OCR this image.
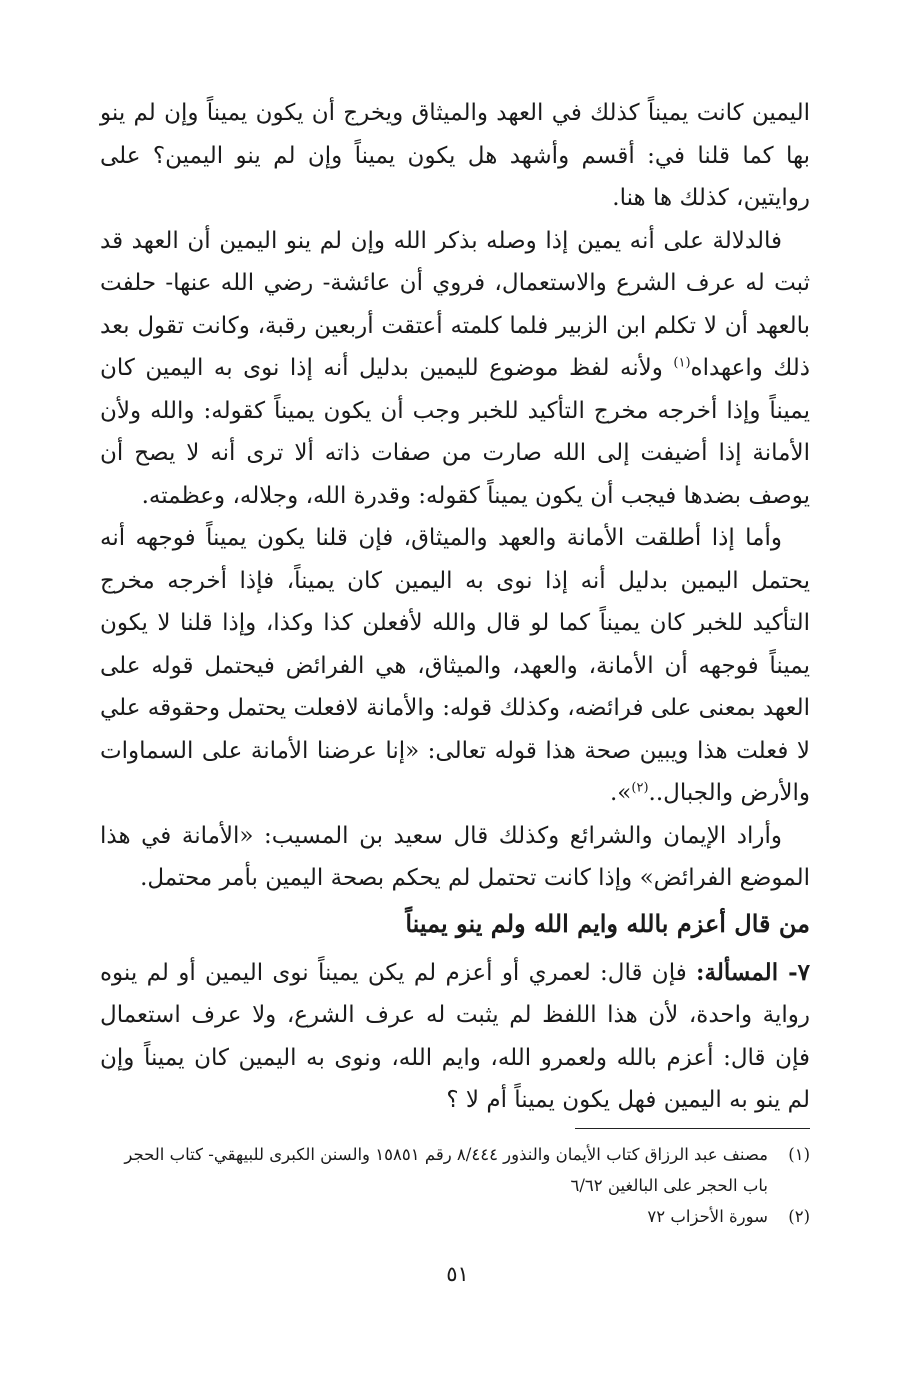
اليمين كانت يميناً كذلك في العهد والميثاق ويخرج أن يكون يميناً وإن لم ينو بها كما قلنا في: أقسم وأشهد هل يكون يميناً وإن لم ينو اليمين؟ على روايتين، كذلك ها هنا.

فالدلالة على أنه يمين إذا وصله بذكر الله وإن لم ينو اليمين أن العهد قد ثبت له عرف الشرع والاستعمال، فروي أن عائشة- رضي الله عنها- حلفت بالعهد أن لا تكلم ابن الزبير فلما كلمته أعتقت أربعين رقبة، وكانت تقول بعد ذلك واعهداه$^{(١)}$ ولأنه لفظ موضوع لليمين بدليل أنه إذا نوى به اليمين كان يميناً وإذا أخرجه مخرج التأكيد للخبر وجب أن يكون يميناً كقوله: والله ولأن الأمانة إذا أضيفت إلى الله صارت من صفات ذاته ألا ترى أنه لا يصح أن يوصف بضدها فيجب أن يكون يميناً كقوله: وقدرة الله، وجلاله، وعظمته.

وأما إذا أطلقت الأمانة والعهد والميثاق، فإن قلنا يكون يميناً فوجهه أنه يحتمل اليمين بدليل أنه إذا نوى به اليمين كان يميناً، فإذا أخرجه مخرج التأكيد للخبر كان يميناً كما لو قال والله لأفعلن كذا وكذا، وإذا قلنا لا يكون يميناً فوجهه أن الأمانة، والعهد، والميثاق، هي الفرائض فيحتمل قوله على العهد بمعنى على فرائضه، وكذلك قوله: والأمانة لافعلت يحتمل وحقوقه علي لا فعلت هذا ويبين صحة هذا قوله تعالى: «إنا عرضنا الأمانة على السماوات والأرض والجبال..$^{(٢)}$».

وأراد الإيمان والشرائع وكذلك قال سعيد بن المسيب: «الأمانة في هذا الموضع الفرائض» وإذا كانت تحتمل لم يحكم بصحة اليمين بأمر محتمل.

من قال أعزم بالله وايم الله ولم ينو يميناً

٧- المسألة: فإن قال: لعمري أو أعزم لم يكن يميناً نوى اليمين أو لم ينوه رواية واحدة، لأن هذا اللفظ لم يثبت له عرف الشرع، ولا عرف استعمال فإن قال: أعزم بالله ولعمرو الله، وايم الله، ونوى به اليمين كان يميناً وإن لم ينو به اليمين فهل يكون يميناً أم لا ؟

(١)
مصنف عبد الرزاق كتاب الأيمان والنذور ٨/٤٤٤ رقم ١٥٨٥١ والسنن الكبرى للبيهقي- كتاب الحجر باب الحجر على البالغين ٦/٦٢
(٢)
سورة الأحزاب ٧٢
٥١
